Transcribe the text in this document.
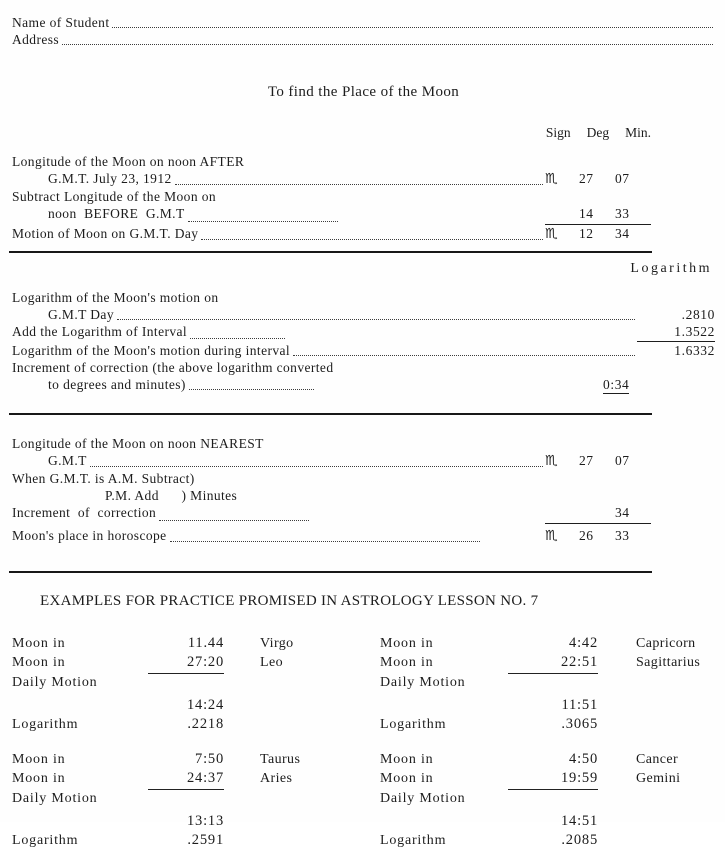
Name of Student
Address
To find the Place of the Moon
Sign Deg Min.
Longitude of the Moon on noon AFTER
G.M.T. July 23, 1912	♏	27	07
Subtract Longitude of the Moon on
noon  BEFORE  G.M.T	14	33
Motion of Moon on G.M.T. Day	♏	12	34
Logarithm
Logarithm of the Moon's motion on
G.M.T Day	.2810
Add the Logarithm of Interval	1.3522
Logarithm of the Moon's motion during interval	1.6332
Increment of correction (the above logarithm converted
to degrees and minutes)	0:34
Longitude of the Moon on noon NEAREST
G.M.T	♏	27	07
When G.M.T. is A.M. Subtract)
P.M. Add      ) Minutes
Increment  of  correction	34
Moon's place in horoscope	♏	26	33
EXAMPLES FOR PRACTICE PROMISED IN ASTROLOGY LESSON NO. 7
Moon in	11.44	Virgo
Moon in	27:20	Leo
Daily Motion
14:24
Logarithm	.2218
Moon in	4:42	Capricorn
Moon in	22:51	Sagittarius
Daily Motion
11:51
Logarithm	.3065
Moon in	7:50	Taurus
Moon in	24:37	Aries
Daily Motion
13:13
Logarithm	.2591
Moon in	4:50	Cancer
Moon in	19:59	Gemini
Daily Motion
14:51
Logarithm	.2085
